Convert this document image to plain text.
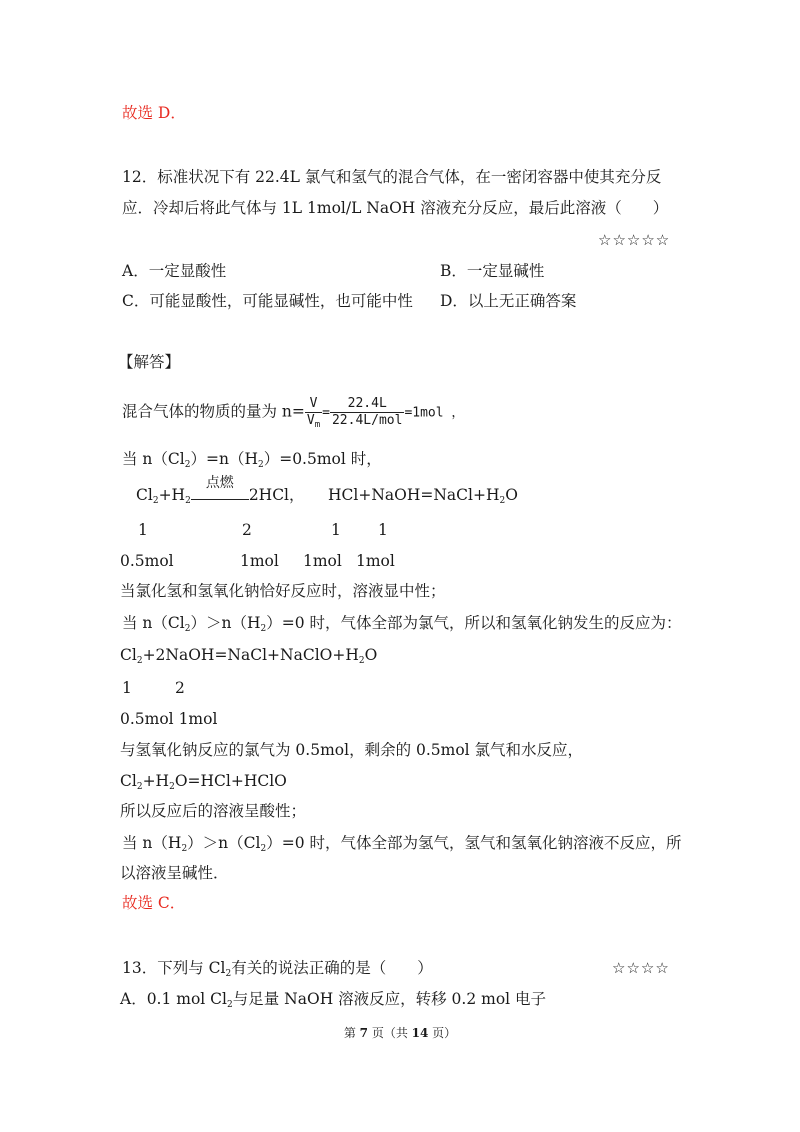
故选 D．
12．标准状况下有 22.4L 氯气和氢气的混合气体，在一密闭容器中使其充分反
应．冷却后将此气体与 1L 1mol/L NaOH 溶液充分反应，最后此溶液（　　）
☆☆☆☆☆
A．一定显酸性	B．一定显碱性
C．可能显酸性，可能显碱性，也可能中性 D．以上无正确答案
【解答】
混合气体的物质的量为 $n= \frac{V}{V_m} = \frac{22.4L}{\text{22.4L/mol}} =1mol$ ，
当 $n(Cl_2)=n(H_2)=0.5mol$ 时，
$Cl_2+H_2$
点燃
2HCl， $HCl+NaOH=NaCl+H_2O$
1	2	1 1
0.5mol	1mol 1mol 1mol
当氯化氢和氢氧化钠恰好反应时，溶液显中性；
当 $n(Cl_2)>n(H_2)=0$ 时，气体全部为氯气，所以和氢氧化钠发生的反应为：
$Cl_2+2NaOH=NaCl+NaClO+H_2O$
1	2
0.5mol 1mol
与氢氧化钠反应的氯气为 0.5mol，剩余的 0.5mol 氯气和水反应，
$Cl_2+H_2O=HCl+HClO$
所以反应后的溶液呈酸性；
当 $n(H_2)>n(Cl_2)=0$ 时，气体全部为氢气，氢气和氢氧化钠溶液不反应，所
以溶液呈碱性．
故选 C．
13．下列与 $Cl_2$有关的说法正确的是（　　）	☆☆☆☆
A．0.1 mol $Cl_2$与足量 NaOH 溶液反应，转移 0.2 mol 电子
第 7 页（共 14 页）
